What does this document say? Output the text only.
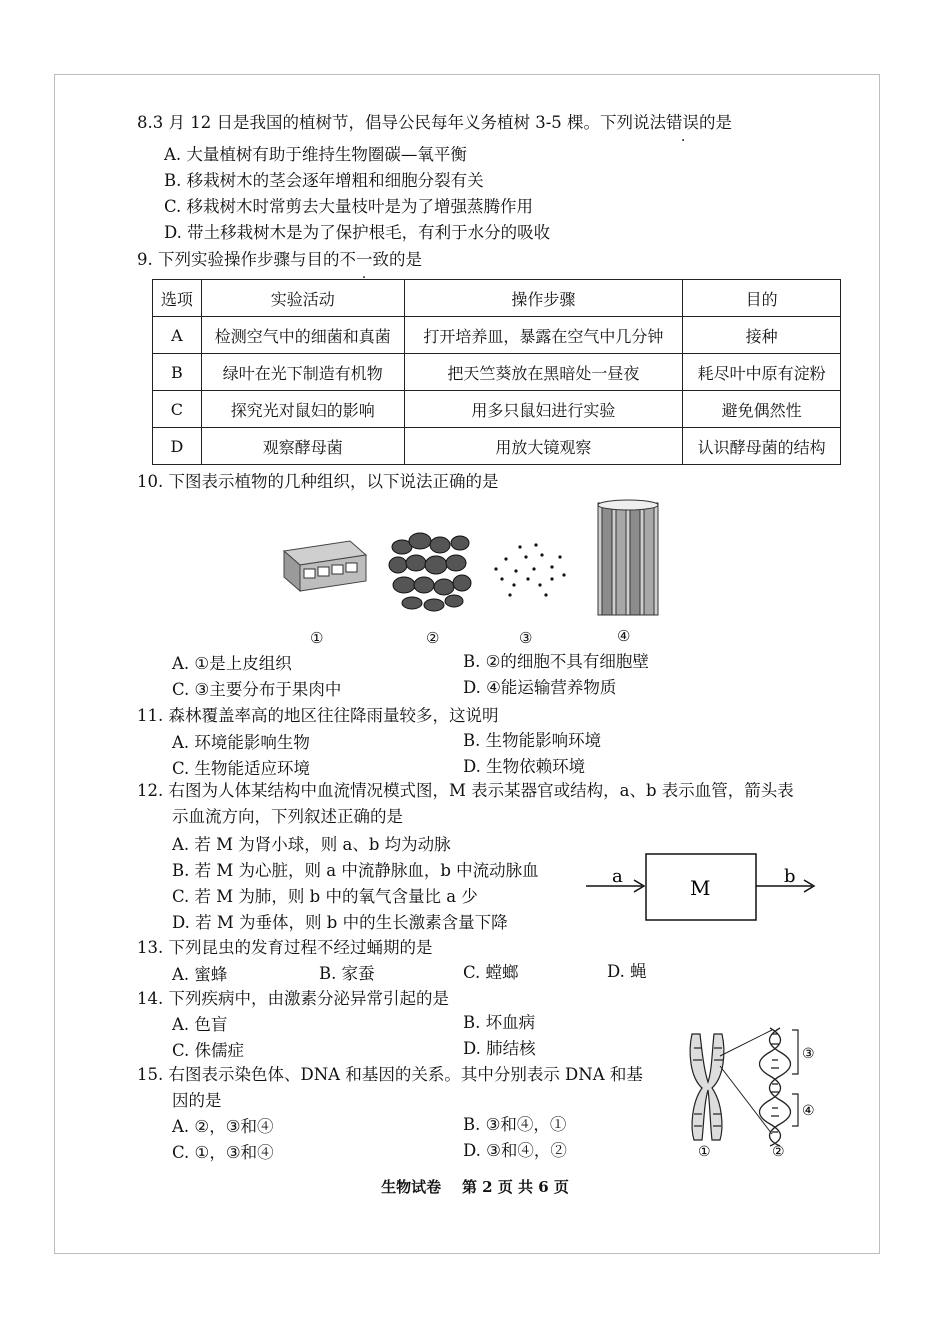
8.3 月 12 日是我国的植树节，倡导公民每年义务植树 3-5 棵。下列说法错误的是
A. 大量植树有助于维持生物圈碳—氧平衡
B. 移栽树木的茎会逐年增粗和细胞分裂有关
C. 移栽树木时常剪去大量枝叶是为了增强蒸腾作用
D. 带土移栽树木是为了保护根毛，有利于水分的吸收
9. 下列实验操作步骤与目的不一致的是
选项	实验活动	操作步骤	目的
A	检测空气中的细菌和真菌	打开培养皿，暴露在空气中几分钟	接种
B	绿叶在光下制造有机物	把天竺葵放在黑暗处一昼夜	耗尽叶中原有淀粉
C	探究光对鼠妇的影响	用多只鼠妇进行实验	避免偶然性
D	观察酵母菌	用放大镜观察	认识酵母菌的结构
10. 下图表示植物的几种组织，以下说法正确的是
①	②	③	④
A. ①是上皮组织	B. ②的细胞不具有细胞壁
C. ③主要分布于果肉中	D. ④能运输营养物质
11. 森林覆盖率高的地区往往降雨量较多，这说明
A. 环境能影响生物	B. 生物能影响环境
C. 生物能适应环境	D. 生物依赖环境
12. 右图为人体某结构中血流情况模式图，M 表示某器官或结构，a、b 表示血管，箭头表
示血流方向，下列叙述正确的是
A. 若 M 为肾小球，则 a、b 均为动脉
B. 若 M 为心脏，则 a 中流静脉血，b 中流动脉血
C. 若 M 为肺，则 b 中的氧气含量比 a 少
D. 若 M 为垂体，则 b 中的生长激素含量下降
a	M	b
13. 下列昆虫的发育过程不经过蛹期的是
A. 蜜蜂	B. 家蚕	C. 螳螂	D. 蝇
14. 下列疾病中，由激素分泌异常引起的是
A. 色盲	B. 坏血病
C. 侏儒症	D. 肺结核
15. 右图表示染色体、DNA 和基因的关系。其中分别表示 DNA 和基
因的是
A. ②，③和④	B. ③和④，①
C. ①，③和④	D. ③和④，②
③
④
①	②
生物试卷    第 2 页 共 6 页
